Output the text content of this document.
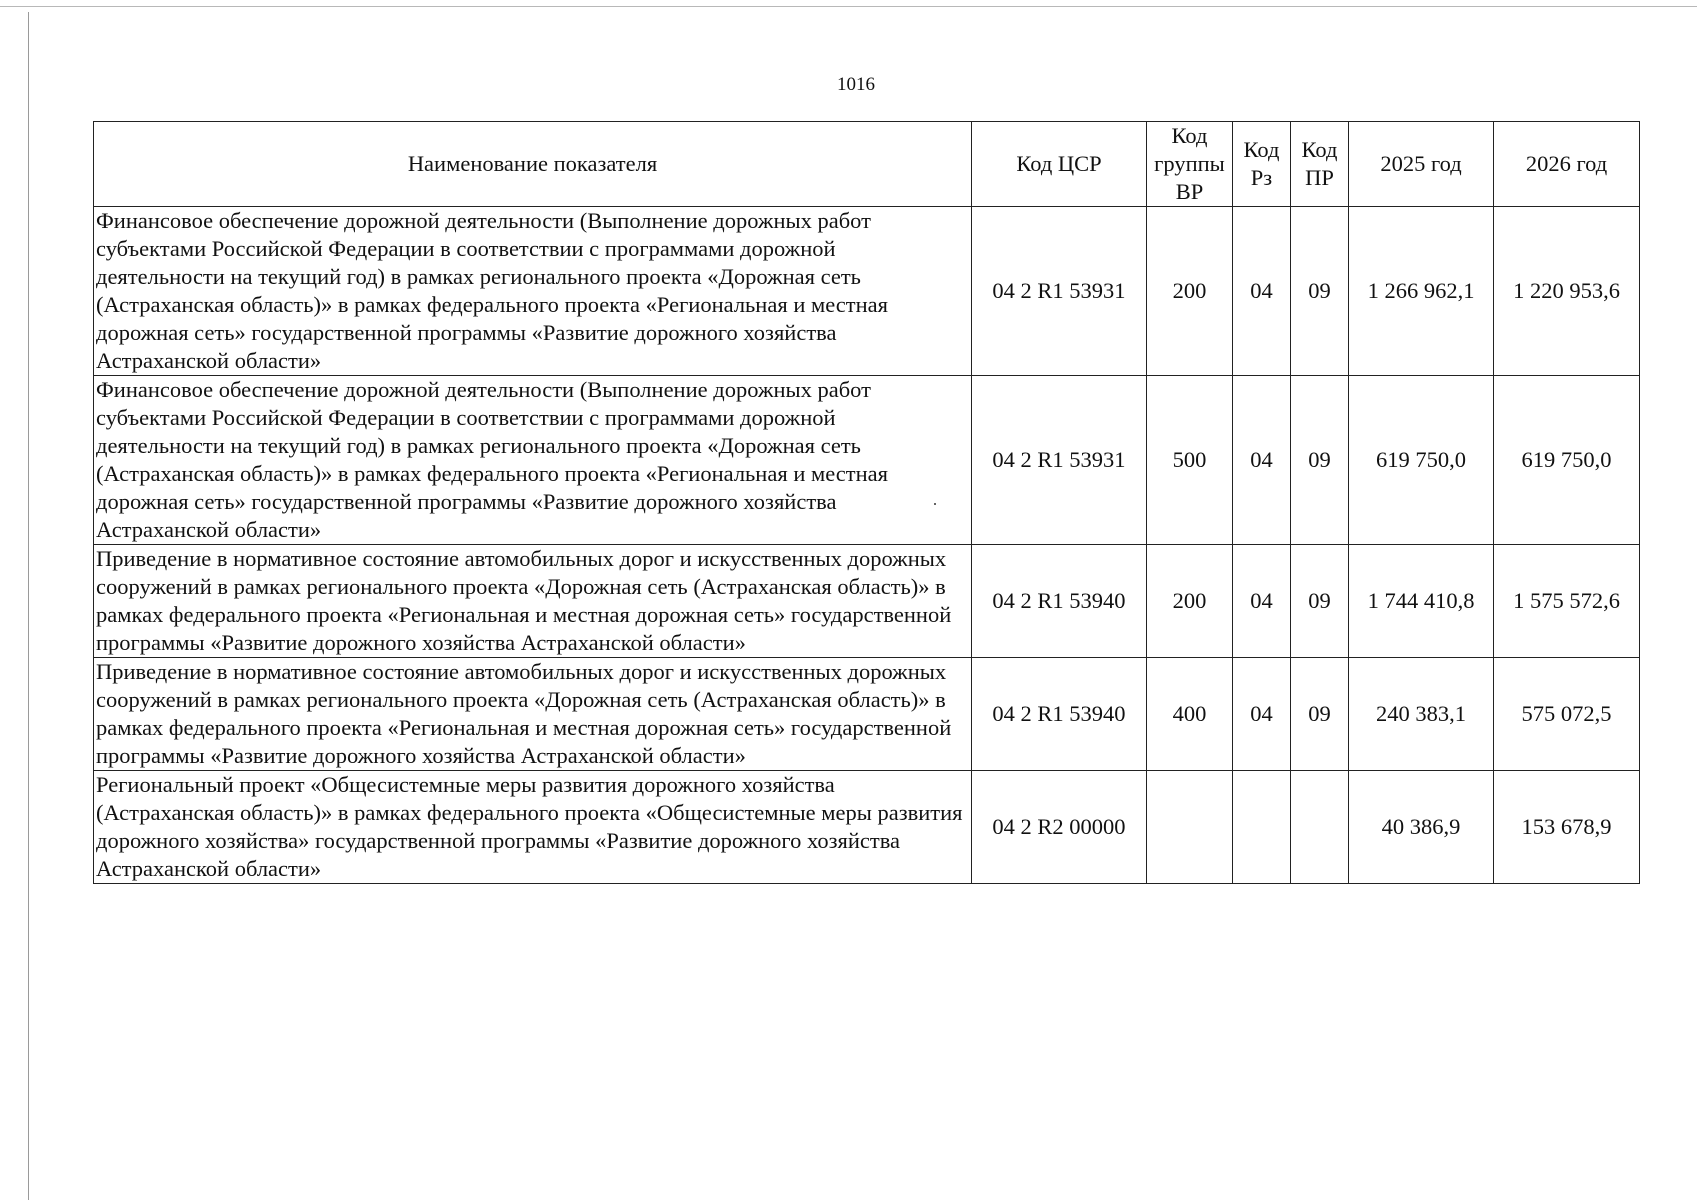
1016
Наименование показателя	Код ЦСР	Код группы ВР	Код Рз	Код ПР	2025 год	2026 год
Финансовое обеспечение дорожной деятельности (Выполнение дорожных работ субъектами Российской Федерации в соответствии с программами дорожной деятельности на текущий год) в рамках регионального проекта «Дорожная сеть (Астраханская область)» в рамках федерального проекта «Региональная и местная дорожная сеть» государственной программы «Развитие дорожного хозяйства Астраханской области»	04 2 R1 53931	200	04	09	1 266 962,1	1 220 953,6
Финансовое обеспечение дорожной деятельности (Выполнение дорожных работ субъектами Российской Федерации в соответствии с программами дорожной деятельности на текущий год) в рамках регионального проекта «Дорожная сеть (Астраханская область)» в рамках федерального проекта «Региональная и местная дорожная сеть» государственной программы «Развитие дорожного хозяйства Астраханской области»	04 2 R1 53931	500	04	09	619 750,0	619 750,0
Приведение в нормативное состояние автомобильных дорог и искусственных дорожных сооружений в рамках регионального проекта «Дорожная сеть (Астраханская область)» в рамках федерального проекта «Региональная и местная дорожная сеть» государственной программы «Развитие дорожного хозяйства Астраханской области»	04 2 R1 53940	200	04	09	1 744 410,8	1 575 572,6
Приведение в нормативное состояние автомобильных дорог и искусственных дорожных сооружений в рамках регионального проекта «Дорожная сеть (Астраханская область)» в рамках федерального проекта «Региональная и местная дорожная сеть» государственной программы «Развитие дорожного хозяйства Астраханской области»	04 2 R1 53940	400	04	09	240 383,1	575 072,5
Региональный проект «Общесистемные меры развития дорожного хозяйства (Астраханская область)» в рамках федерального проекта «Общесистемные меры развития дорожного хозяйства» государственной программы «Развитие дорожного хозяйства Астраханской области»	04 2 R2 00000				40 386,9	153 678,9
